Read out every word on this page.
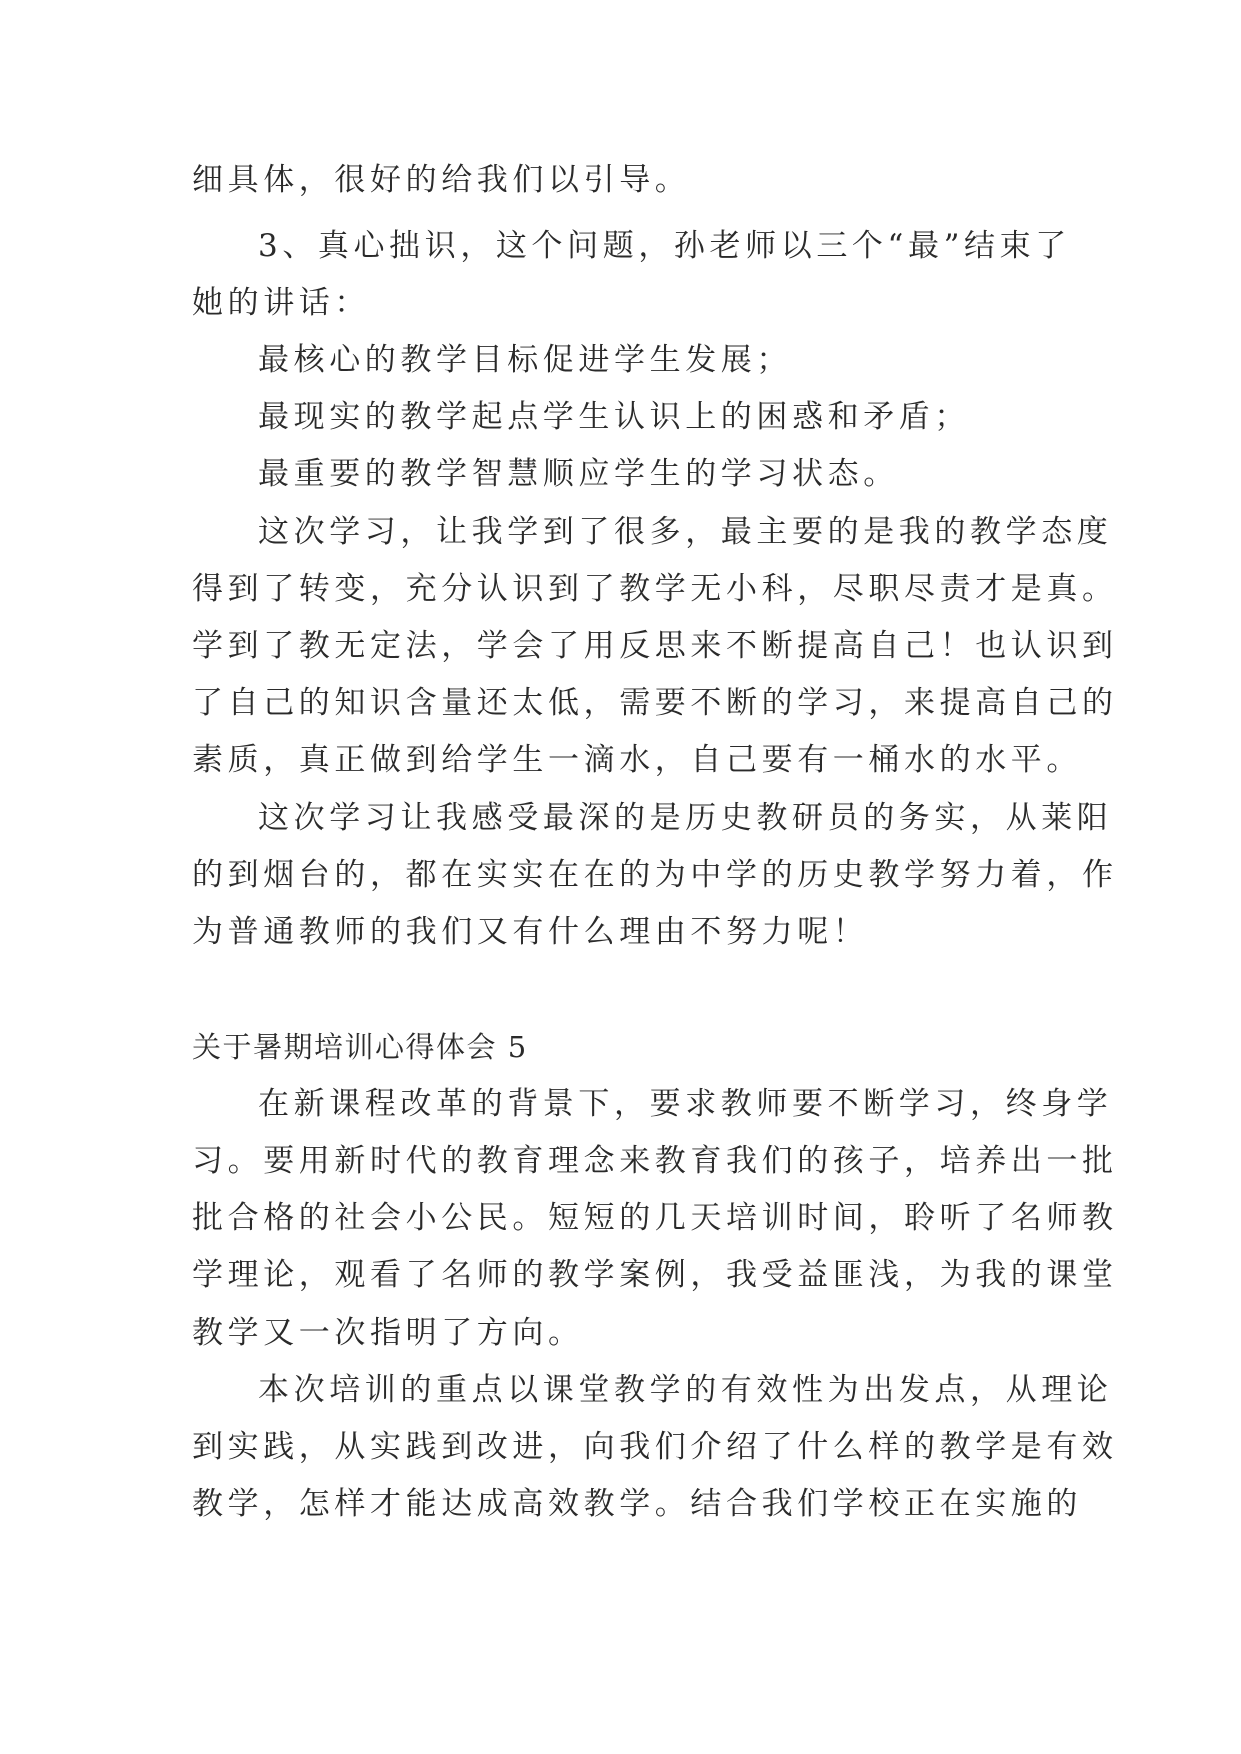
细具体，很好的给我们以引导。
3、真心拙识，这个问题，孙老师以三个“最”结束了
她的讲话：
最核心的教学目标促进学生发展；
最现实的教学起点学生认识上的困惑和矛盾；
最重要的教学智慧顺应学生的学习状态。
这次学习，让我学到了很多，最主要的是我的教学态度
得到了转变，充分认识到了教学无小科，尽职尽责才是真。
学到了教无定法，学会了用反思来不断提高自己！也认识到
了自己的知识含量还太低，需要不断的学习，来提高自己的
素质，真正做到给学生一滴水，自己要有一桶水的水平。
这次学习让我感受最深的是历史教研员的务实，从莱阳
的到烟台的，都在实实在在的为中学的历史教学努力着，作
为普通教师的我们又有什么理由不努力呢！
关于暑期培训心得体会 5
在新课程改革的背景下，要求教师要不断学习，终身学
习。要用新时代的教育理念来教育我们的孩子，培养出一批
批合格的社会小公民。短短的几天培训时间，聆听了名师教
学理论，观看了名师的教学案例，我受益匪浅，为我的课堂
教学又一次指明了方向。
本次培训的重点以课堂教学的有效性为出发点，从理论
到实践，从实践到改进，向我们介绍了什么样的教学是有效
教学，怎样才能达成高效教学。结合我们学校正在实施的
